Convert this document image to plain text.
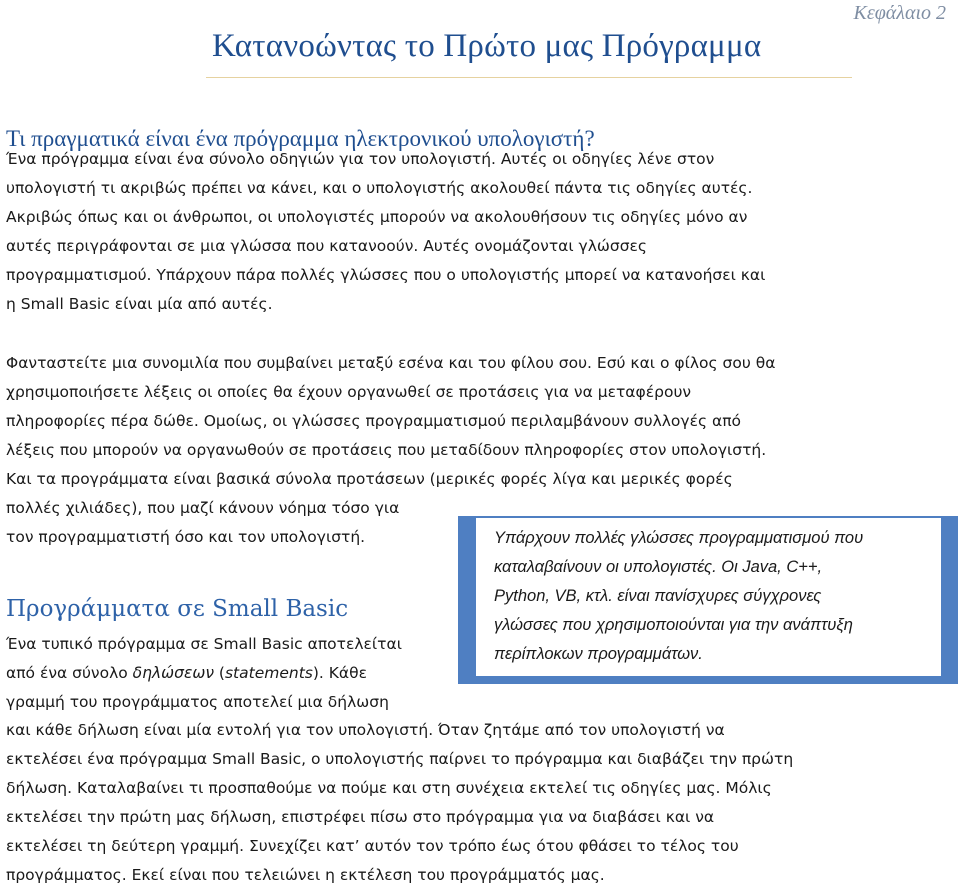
Κεφάλαιο 2
Κατανοώντας το Πρώτο μας Πρόγραμμα
Τι πραγματικά είναι ένα πρόγραμμα ηλεκτρονικού υπολογιστή?
Ένα πρόγραμμα είναι ένα σύνολο οδηγιών για τον υπολογιστή. Αυτές οι οδηγίες λένε στον
υπολογιστή τι ακριβώς πρέπει να κάνει, και ο υπολογιστής ακολουθεί πάντα τις οδηγίες αυτές.
Ακριβώς όπως και οι άνθρωποι, οι υπολογιστές μπορούν να ακολουθήσουν τις οδηγίες μόνο αν
αυτές περιγράφονται σε μια γλώσσα που κατανοούν. Αυτές ονομάζονται γλώσσες
προγραμματισμού. Υπάρχουν πάρα πολλές γλώσσες που ο υπολογιστής μπορεί να κατανοήσει και
η Small Basic είναι μία από αυτές.
Φανταστείτε μια συνομιλία που συμβαίνει μεταξύ εσένα και του φίλου σου. Εσύ και ο φίλος σου θα
χρησιμοποιήσετε λέξεις οι οποίες θα έχουν οργανωθεί σε προτάσεις για να μεταφέρουν
πληροφορίες πέρα δώθε. Ομοίως, οι γλώσσες προγραμματισμού περιλαμβάνουν συλλογές από
λέξεις που μπορούν να οργανωθούν σε προτάσεις που μεταδίδουν πληροφορίες στον υπολογιστή.
Και τα προγράμματα είναι βασικά σύνολα προτάσεων (μερικές φορές λίγα και μερικές φορές
πολλές χιλιάδες), που μαζί κάνουν νόημα τόσο για
τον προγραμματιστή όσο και τον υπολογιστή.	Υπάρχουν πολλές γλώσσες προγραμματισμού που
καταλαβαίνουν οι υπολογιστές. Οι Java, C++,
Python, VB, κτλ. είναι πανίσχυρες σύγχρονες
γλώσσες που χρησιμοποιούνται για την ανάπτυξη
περίπλοκων προγραμμάτων.
Προγράμματα σε Small Basic
Ένα τυπικό πρόγραμμα σε Small Basic αποτελείται
από ένα σύνολο δηλώσεων (statements). Κάθε
γραμμή του προγράμματος αποτελεί μια δήλωση
και κάθε δήλωση είναι μία εντολή για τον υπολογιστή. Όταν ζητάμε από τον υπολογιστή να
εκτελέσει ένα πρόγραμμα Small Basic, ο υπολογιστής παίρνει το πρόγραμμα και διαβάζει την πρώτη
δήλωση. Καταλαβαίνει τι προσπαθούμε να πούμε και στη συνέχεια εκτελεί τις οδηγίες μας. Μόλις
εκτελέσει την πρώτη μας δήλωση, επιστρέφει πίσω στο πρόγραμμα για να διαβάσει και να
εκτελέσει τη δεύτερη γραμμή. Συνεχίζει κατ’ αυτόν τον τρόπο έως ότου φθάσει το τέλος του
προγράμματος. Εκεί είναι που τελειώνει η εκτέλεση του προγράμματός μας.
